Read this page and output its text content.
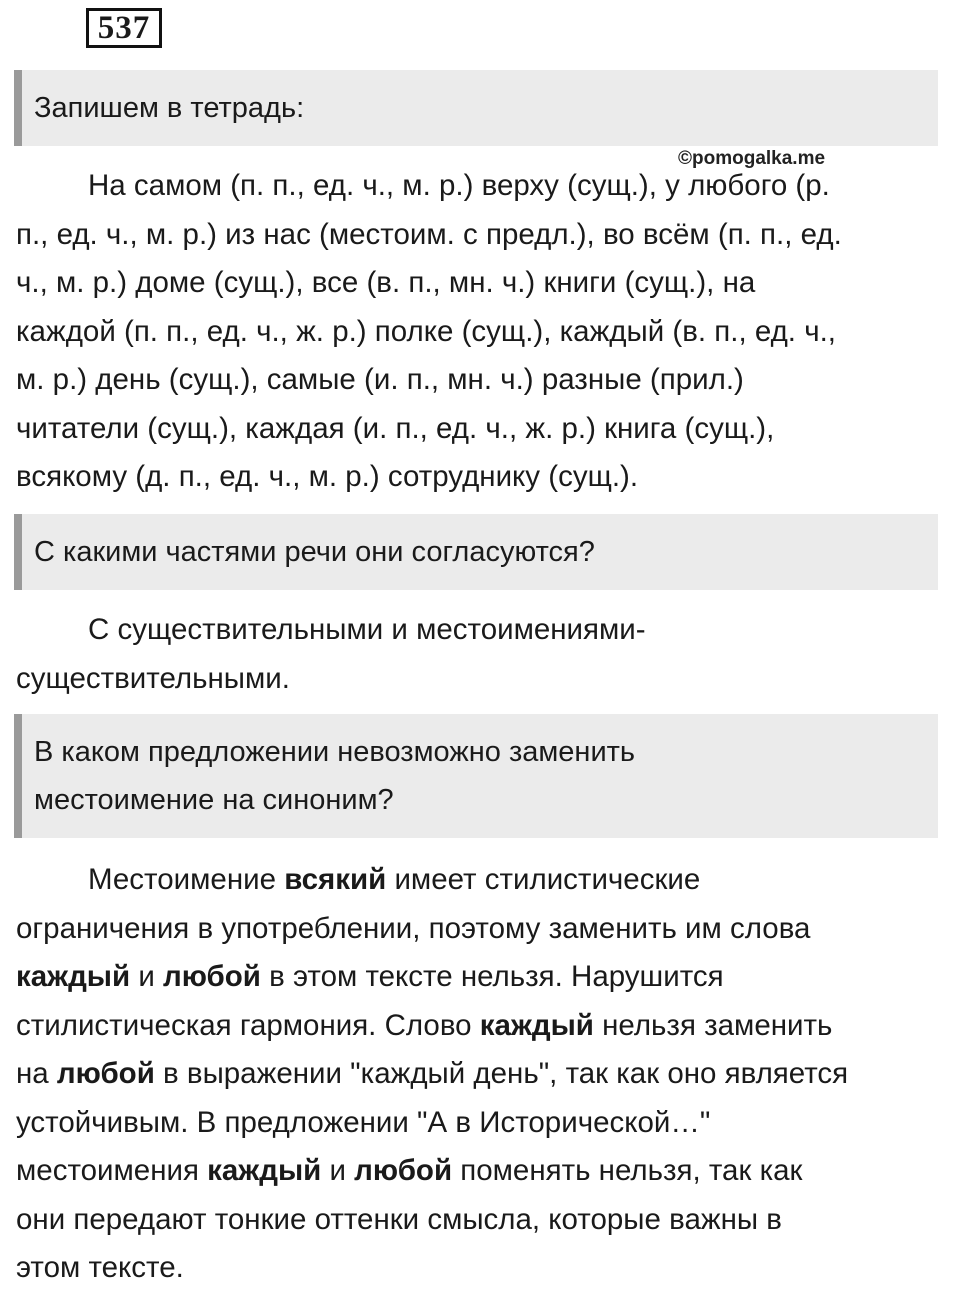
537
Запишем в тетрадь:
©pomogalka.me
На самом (п. п., ед. ч., м. р.) верху (сущ.), у любого (р.
п., ед. ч., м. р.) из нас (местоим. с предл.), во всём (п. п., ед.
ч., м. р.) доме (сущ.), все (в. п., мн. ч.) книги (сущ.), на
каждой (п. п., ед. ч., ж. р.) полке (сущ.), каждый (в. п., ед. ч.,
м. р.) день (сущ.), самые (и. п., мн. ч.) разные (прил.)
читатели (сущ.), каждая (и. п., ед. ч., ж. р.) книга (сущ.),
всякому (д. п., ед. ч., м. р.) сотруднику (сущ.).
С какими частями речи они согласуются?
С существительными и местоимениями-
существительными.
В каком предложении невозможно заменить
местоимение на синоним?
Местоимение всякий имеет стилистические
ограничения в употреблении, поэтому заменить им слова
каждый и любой в этом тексте нельзя. Нарушится
стилистическая гармония. Слово каждый нельзя заменить
на любой в выражении "каждый день", так как оно является
устойчивым. В предложении "А в Исторической…"
местоимения каждый и любой поменять нельзя, так как
они передают тонкие оттенки смысла, которые важны в
этом тексте.
